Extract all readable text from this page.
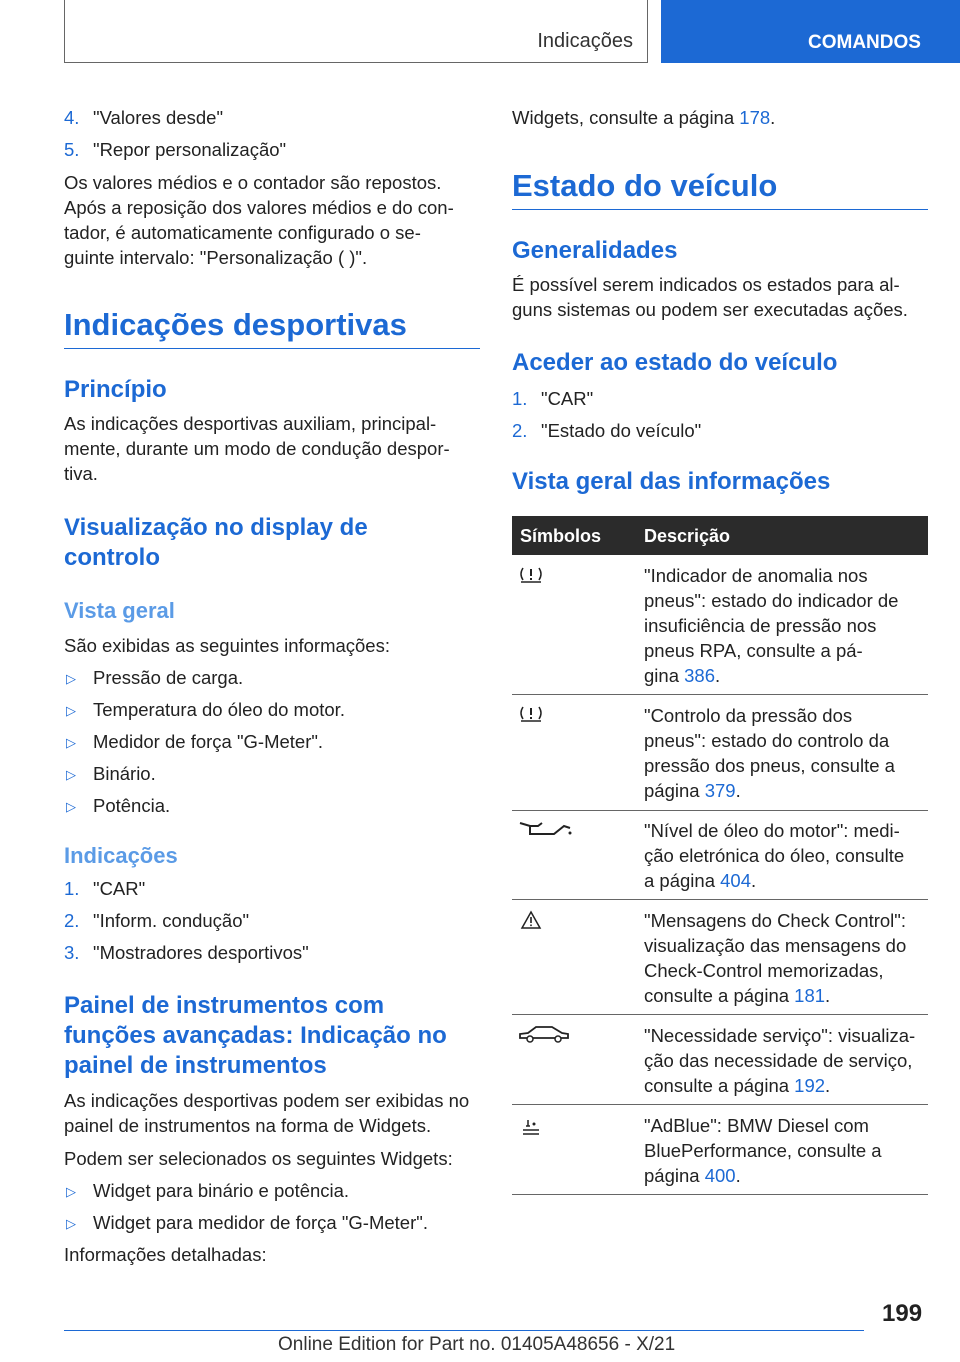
Indicações	COMANDOS
4. "Valores desde"
5. "Repor personalização"
Os valores médios e o contador são repostos.
Após a reposição dos valores médios e do con-
tador, é automaticamente configurado o se-
guinte intervalo: "Personalização ( )".
Indicações desportivas
Princípio
As indicações desportivas auxiliam, principal-
mente, durante um modo de condução despor-
tiva.
Visualização no display de
controlo
Vista geral
São exibidas as seguintes informações:
▷ Pressão de carga.
▷ Temperatura do óleo do motor.
▷ Medidor de força "G-Meter".
▷ Binário.
▷ Potência.
Indicações
1. "CAR"
2. "Inform. condução"
3. "Mostradores desportivos"
Painel de instrumentos com
funções avançadas: Indicação no
painel de instrumentos
As indicações desportivas podem ser exibidas no
painel de instrumentos na forma de Widgets.
Podem ser selecionados os seguintes Widgets:
▷ Widget para binário e potência.
▷ Widget para medidor de força "G-Meter".
Informações detalhadas:
Widgets, consulte a página 178.
Estado do veículo
Generalidades
É possível serem indicados os estados para al-
guns sistemas ou podem ser executadas ações.
Aceder ao estado do veículo
1. "CAR"
2. "Estado do veículo"
Vista geral das informações
Símbolos Descrição
"Indicador de anomalia nos
pneus": estado do indicador de
insuficiência de pressão nos
pneus RPA, consulte a pá-
gina 386.
"Controlo da pressão dos
pneus": estado do controlo da
pressão dos pneus, consulte a
página 379.
"Nível de óleo do motor": medi-
ção eletrónica do óleo, consulte
a página 404.
"Mensagens do Check Control":
visualização das mensagens do
Check-Control memorizadas,
consulte a página 181.
"Necessidade serviço": visualiza-
ção das necessidade de serviço,
consulte a página 192.
"AdBlue": BMW Diesel com
BluePerformance, consulte a
página 400.
199
Online Edition for Part no. 01405A48656 - X/21
